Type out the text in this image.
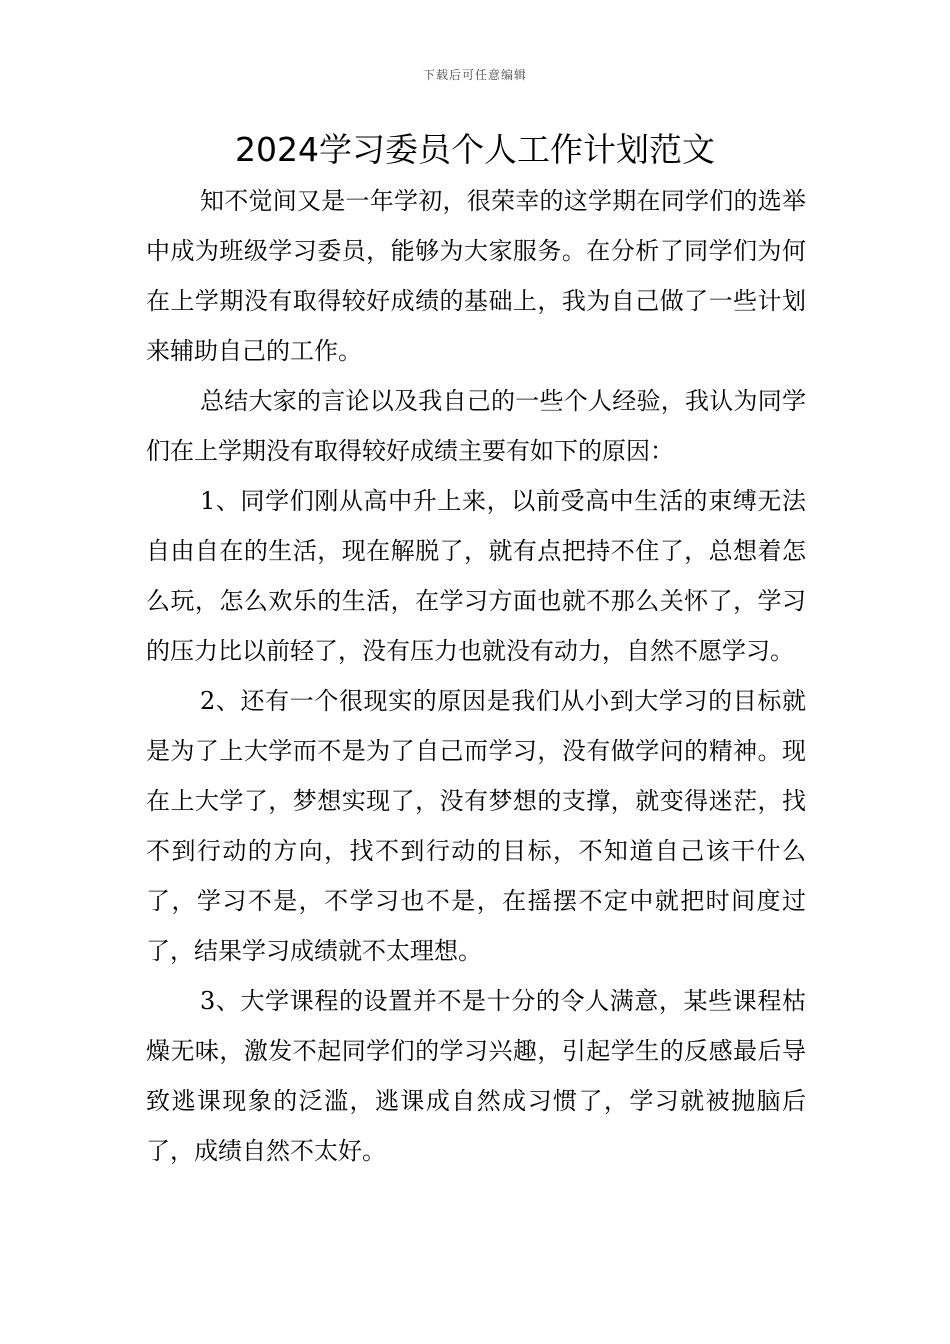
下载后可任意编辑
2024学习委员个人工作计划范文

知不觉间又是一年学初，很荣幸的这学期在同学们的选举中成为班级学习委员，能够为大家服务。在分析了同学们为何在上学期没有取得较好成绩的基础上，我为自己做了一些计划来辅助自己的工作。

总结大家的言论以及我自己的一些个人经验，我认为同学们在上学期没有取得较好成绩主要有如下的原因：

1、同学们刚从高中升上来，以前受高中生活的束缚无法自由自在的生活，现在解脱了，就有点把持不住了，总想着怎么玩，怎么欢乐的生活，在学习方面也就不那么关怀了，学习的压力比以前轻了，没有压力也就没有动力，自然不愿学习。

2、还有一个很现实的原因是我们从小到大学习的目标就是为了上大学而不是为了自己而学习，没有做学问的精神。现在上大学了，梦想实现了，没有梦想的支撑，就变得迷茫，找不到行动的方向，找不到行动的目标，不知道自己该干什么了，学习不是，不学习也不是，在摇摆不定中就把时间度过了，结果学习成绩就不太理想。

3、大学课程的设置并不是十分的令人满意，某些课程枯燥无味，激发不起同学们的学习兴趣，引起学生的反感最后导致逃课现象的泛滥，逃课成自然成习惯了，学习就被抛脑后了，成绩自然不太好。
